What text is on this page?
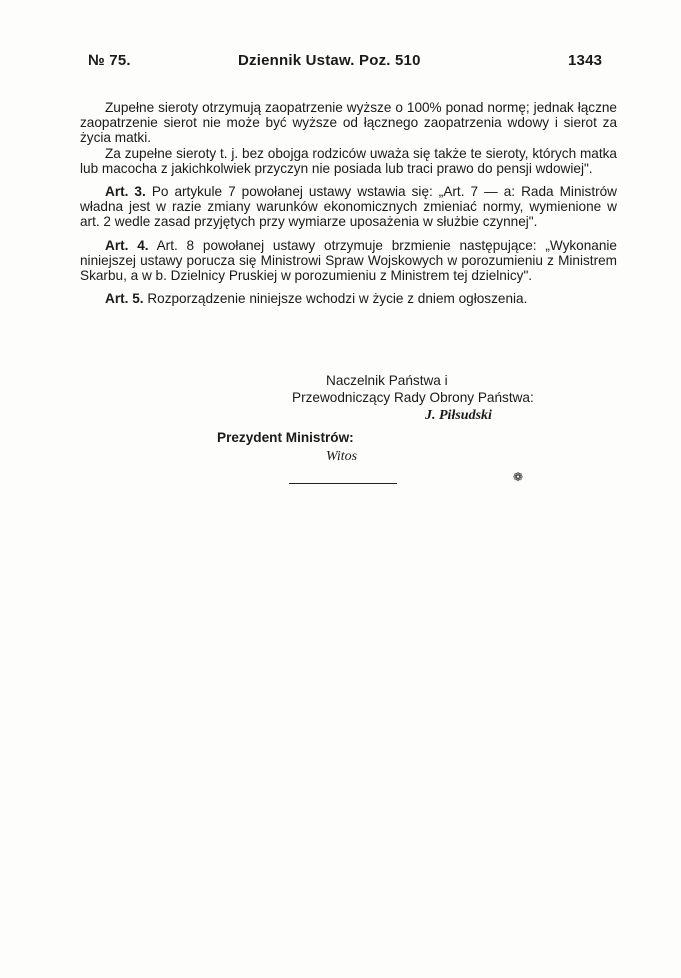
№ 75.	Dziennik Ustaw. Poz. 510	1343

Zupełne sieroty otrzymują zaopatrzenie wyższe o 100% ponad normę; jednak łączne zaopatrzenie sierot nie może być wyższe od łącznego zaopatrzenia wdowy i sierot za życia matki.

Za zupełne sieroty t. j. bez obojga rodziców uważa się także te sieroty, których matka lub macocha z jakichkolwiek przyczyn nie posiada lub traci prawo do pensji wdowiej".

Art. 3. Po artykule 7 powołanej ustawy wstawia się: „Art. 7 — a: Rada Ministrów władna jest w razie zmiany warunków ekonomicznych zmieniać normy, wymienione w art. 2 wedle zasad przyjętych przy wymiarze uposażenia w służbie czynnej".

Art. 4. Art. 8 powołanej ustawy otrzymuje brzmienie następujące: „Wykonanie niniejszej ustawy porucza się Ministrowi Spraw Wojskowych w porozumieniu z Ministrem Skarbu, a w b. Dzielnicy Pruskiej w porozumieniu z Ministrem tej dzielnicy".

Art. 5. Rozporządzenie niniejsze wchodzi w życie z dniem ogłoszenia.

Naczelnik Państwa i
Przewodniczący Rady Obrony Państwa:
J. Piłsudski
Prezydent Ministrów:
Witos
❁
